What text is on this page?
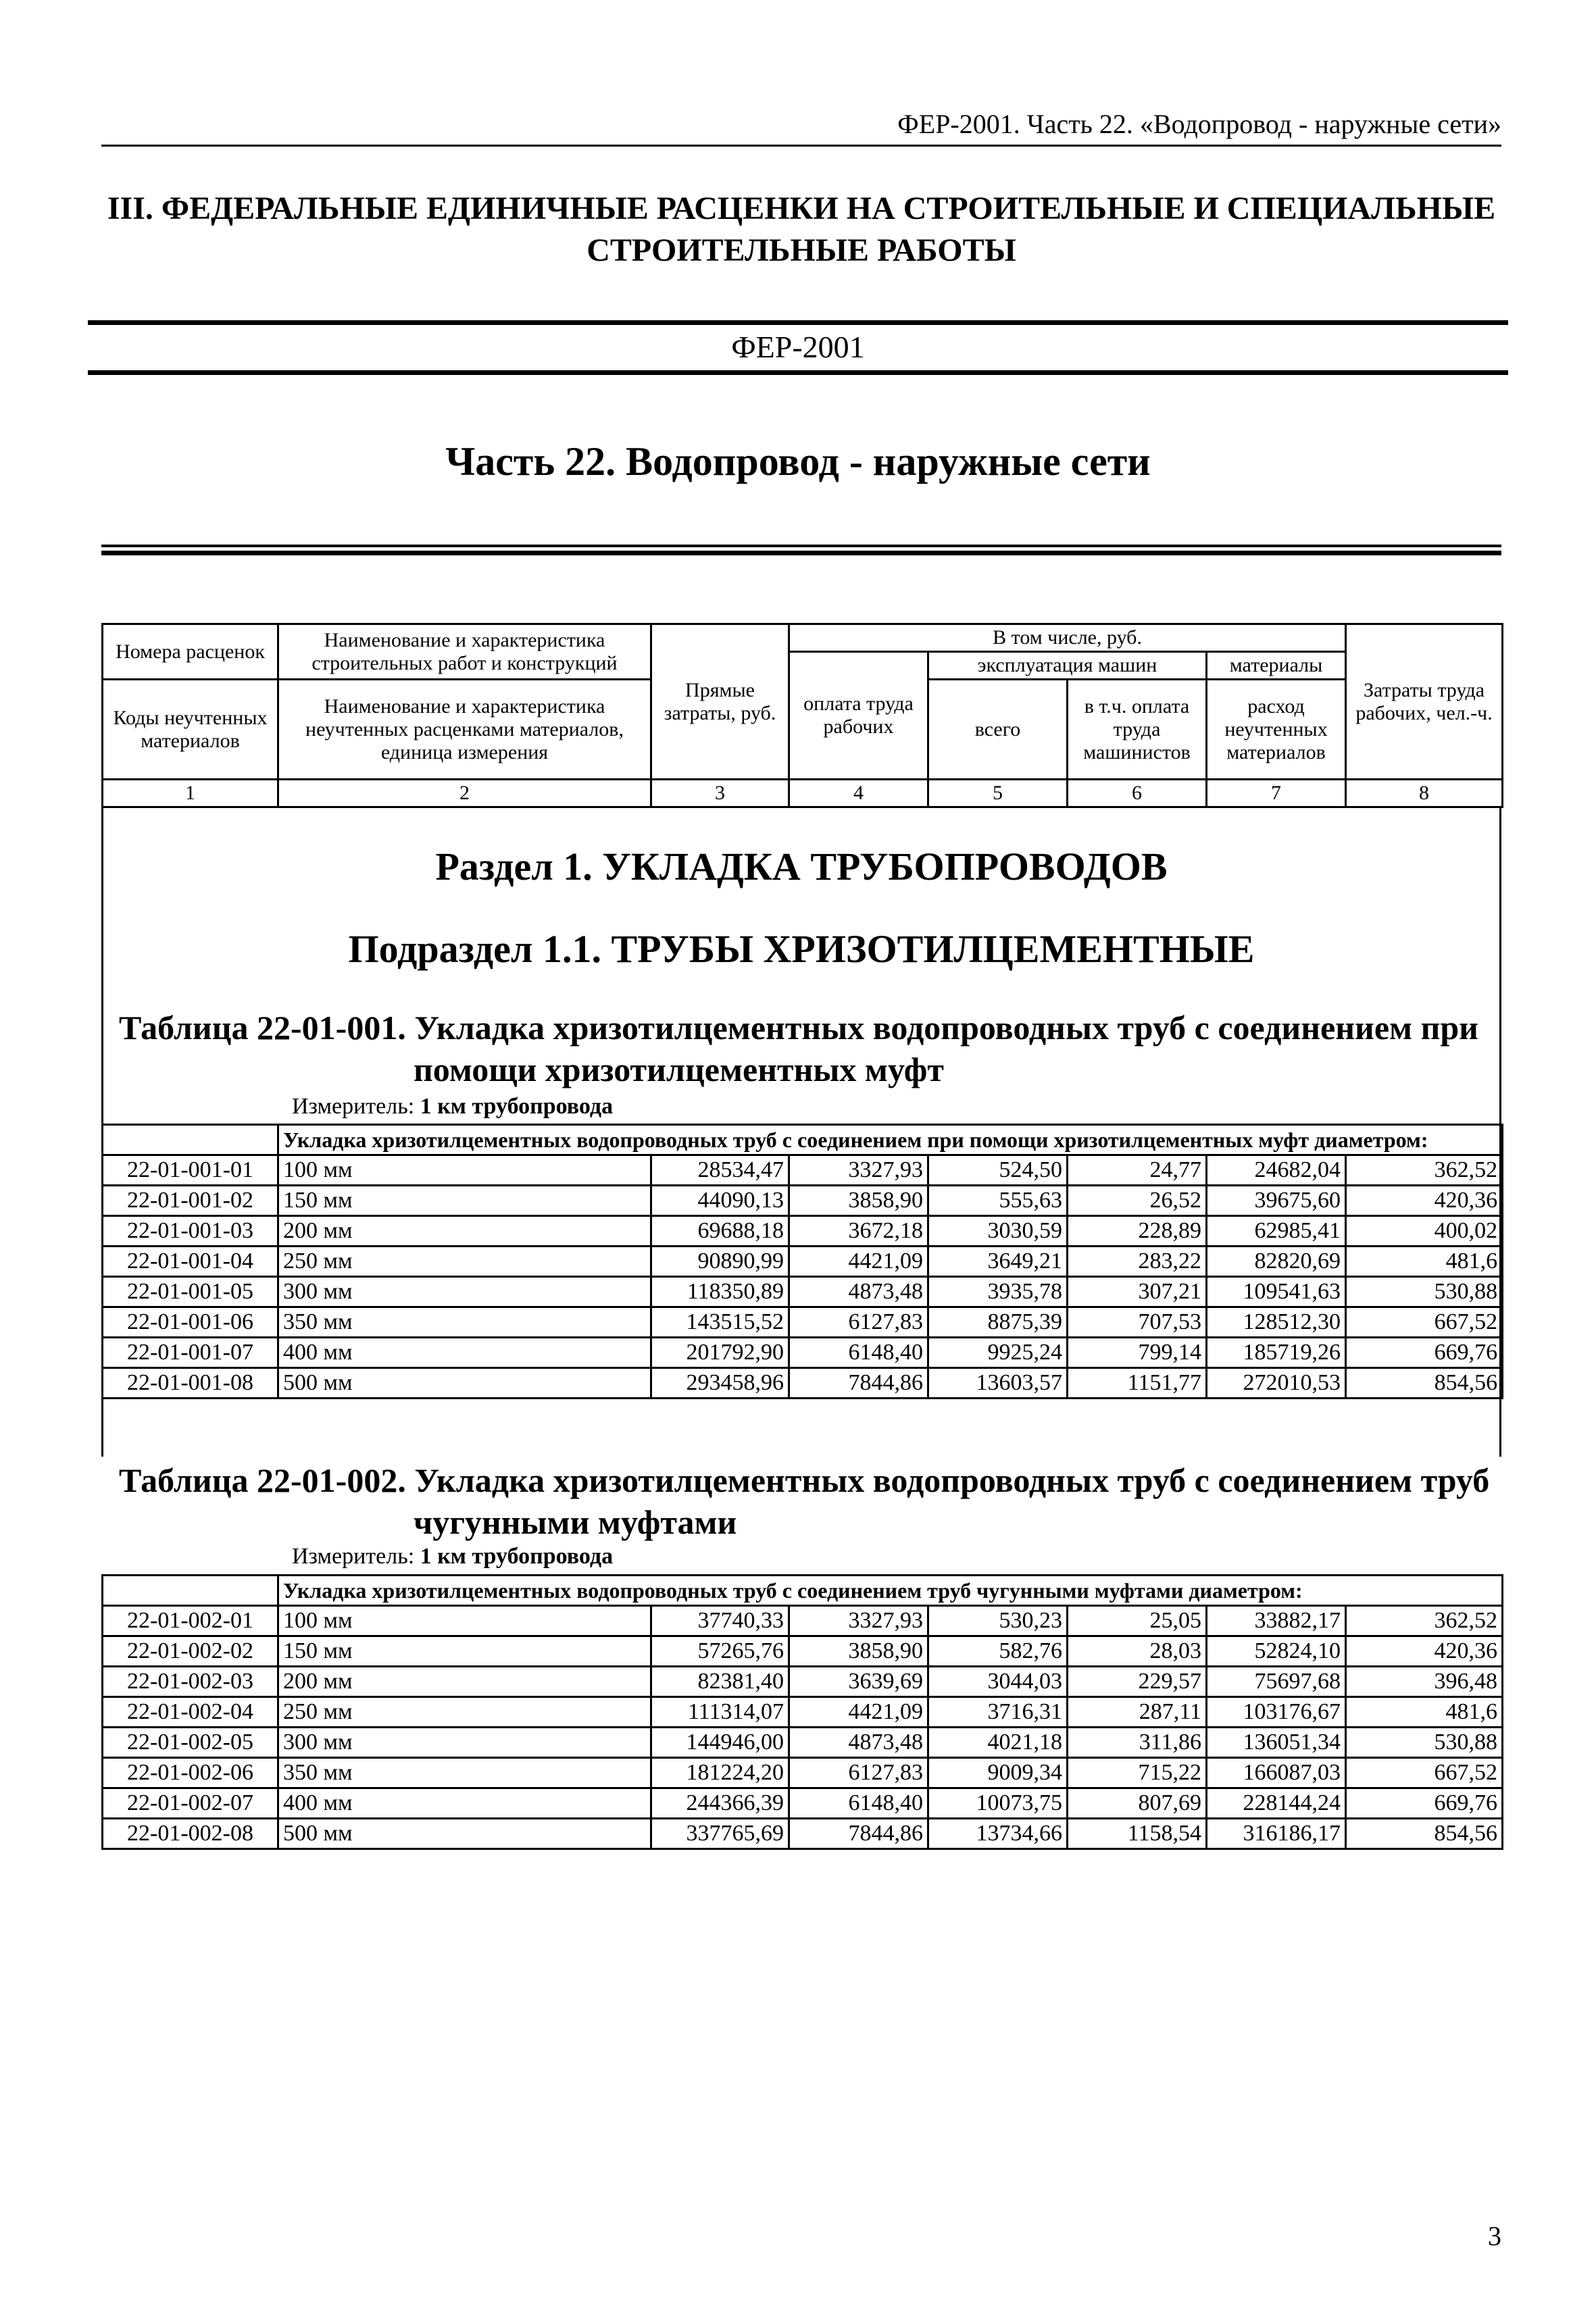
ФЕР-2001. Часть 22. «Водопровод - наружные сети»
III. ФЕДЕРАЛЬНЫЕ ЕДИНИЧНЫЕ РАСЦЕНКИ НА СТРОИТЕЛЬНЫЕ И СПЕЦИАЛЬНЫЕ СТРОИТЕЛЬНЫЕ РАБОТЫ
ФЕР-2001
Часть 22. Водопровод - наружные сети
Номера расценок	Наименование и характеристика строительных работ и конструкций	Прямые затраты, руб.	В том числе, руб.				Затраты труда рабочих, чел.-ч.
			оплата труда рабочих	эксплуатация машин		материалы	
Коды неучтенных материалов	Наименование и характеристика неучтенных расценками материалов, единица измерения			всего	в т.ч. оплата труда машинистов	расход неучтенных материалов	

1	2	3	4	5	6	7	8
Раздел 1. УКЛАДКА ТРУБОПРОВОДОВ
Подраздел 1.1. ТРУБЫ ХРИЗОТИЛЦЕМЕНТНЫЕ
Таблица 22-01-001. Укладка хризотилцементных водопроводных труб с соединением при
помощи хризотилцементных муфт
Измеритель: 1 км трубопровода
	Укладка хризотилцементных водопроводных труб с соединением при помощи хризотилцементных муфт диаметром:						
22-01-001-01	100 мм	28534,47	3327,93	524,50	24,77	24682,04	362,52
22-01-001-02	150 мм	44090,13	3858,90	555,63	26,52	39675,60	420,36
22-01-001-03	200 мм	69688,18	3672,18	3030,59	228,89	62985,41	400,02
22-01-001-04	250 мм	90890,99	4421,09	3649,21	283,22	82820,69	481,6
22-01-001-05	300 мм	118350,89	4873,48	3935,78	307,21	109541,63	530,88
22-01-001-06	350 мм	143515,52	6127,83	8875,39	707,53	128512,30	667,52
22-01-001-07	400 мм	201792,90	6148,40	9925,24	799,14	185719,26	669,76
22-01-001-08	500 мм	293458,96	7844,86	13603,57	1151,77	272010,53	854,56
Таблица 22-01-002. Укладка хризотилцементных водопроводных труб с соединением труб
чугунными муфтами
Измеритель: 1 км трубопровода
	Укладка хризотилцементных водопроводных труб с соединением труб чугунными муфтами диаметром:						
22-01-002-01	100 мм	37740,33	3327,93	530,23	25,05	33882,17	362,52
22-01-002-02	150 мм	57265,76	3858,90	582,76	28,03	52824,10	420,36
22-01-002-03	200 мм	82381,40	3639,69	3044,03	229,57	75697,68	396,48
22-01-002-04	250 мм	111314,07	4421,09	3716,31	287,11	103176,67	481,6
22-01-002-05	300 мм	144946,00	4873,48	4021,18	311,86	136051,34	530,88
22-01-002-06	350 мм	181224,20	6127,83	9009,34	715,22	166087,03	667,52
22-01-002-07	400 мм	244366,39	6148,40	10073,75	807,69	228144,24	669,76
22-01-002-08	500 мм	337765,69	7844,86	13734,66	1158,54	316186,17	854,56
3
